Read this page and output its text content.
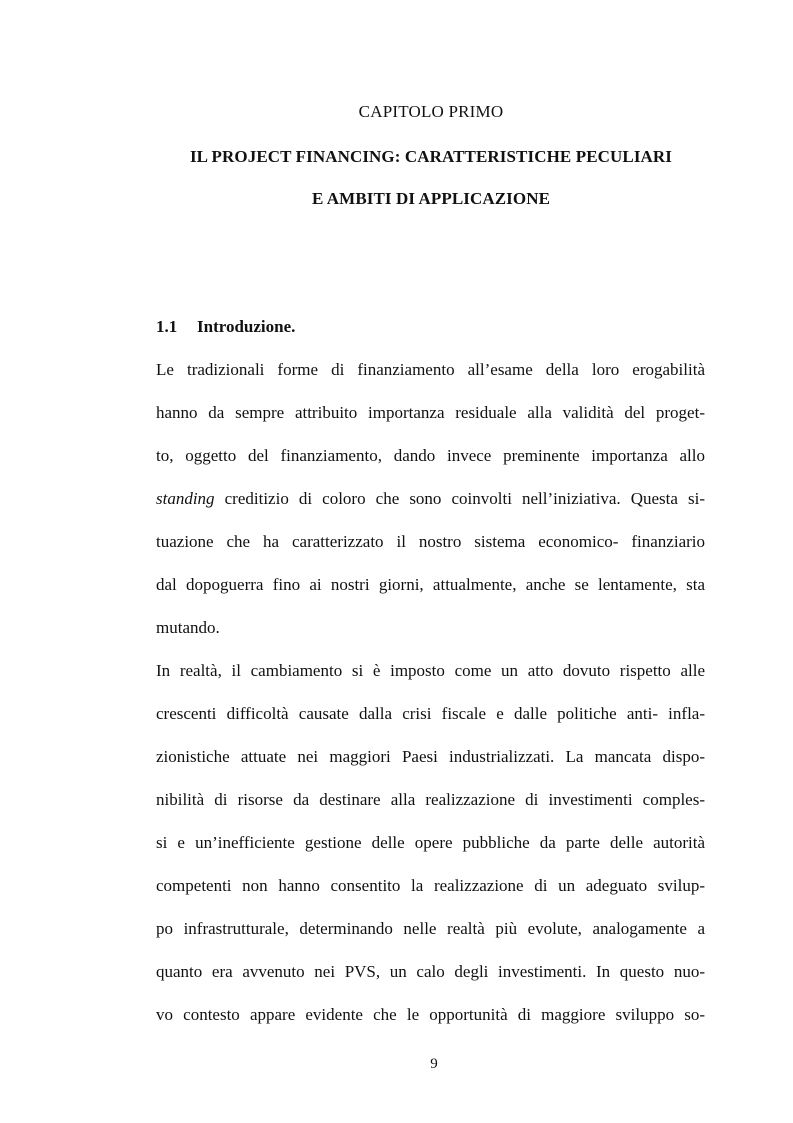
CAPITOLO PRIMO
IL PROJECT FINANCING: CARATTERISTICHE PECULIARI
E AMBITI DI APPLICAZIONE
1.1 Introduzione.
Le tradizionali forme di finanziamento all’esame della loro erogabilità
hanno da sempre attribuito importanza residuale alla validità del proget-
to, oggetto del finanziamento, dando invece preminente importanza allo
standing creditizio di coloro che sono coinvolti nell’iniziativa. Questa si-
tuazione che ha caratterizzato il nostro sistema economico- finanziario
dal dopoguerra fino ai nostri giorni, attualmente, anche se lentamente, sta
mutando.
In realtà, il cambiamento si è imposto come un atto dovuto rispetto alle
crescenti difficoltà causate dalla crisi fiscale e dalle politiche anti- infla-
zionistiche attuate nei maggiori Paesi industrializzati. La mancata dispo-
nibilità di risorse da destinare alla realizzazione di investimenti comples-
si e un’inefficiente gestione delle opere pubbliche da parte delle autorità
competenti non hanno consentito la realizzazione di un adeguato svilup-
po infrastrutturale, determinando nelle realtà più evolute, analogamente a
quanto era avvenuto nei PVS, un calo degli investimenti. In questo nuo-
vo contesto appare evidente che le opportunità di maggiore sviluppo so-
9
